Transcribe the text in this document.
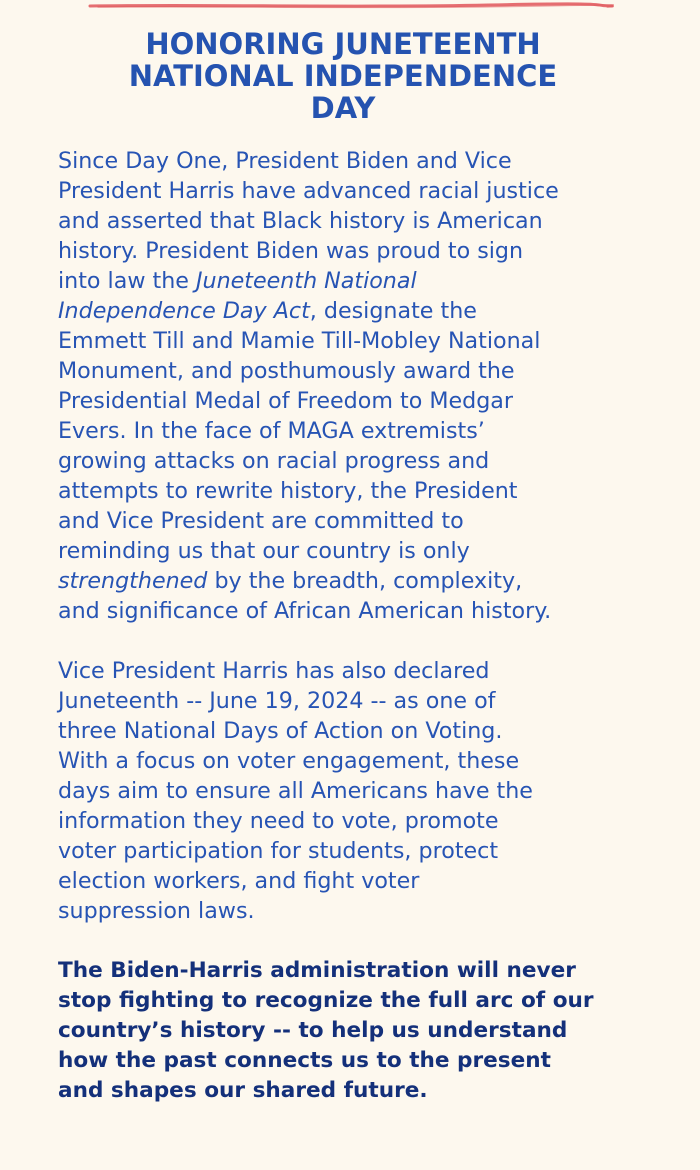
HONORING JUNETEENTH
NATIONAL INDEPENDENCE
DAY

Since Day One, President Biden and Vice
President Harris have advanced racial justice
and asserted that Black history is American
history. President Biden was proud to sign
into law the Juneteenth National
Independence Day Act, designate the
Emmett Till and Mamie Till-Mobley National
Monument, and posthumously award the
Presidential Medal of Freedom to Medgar
Evers. In the face of MAGA extremists’
growing attacks on racial progress and
attempts to rewrite history, the President
and Vice President are committed to
reminding us that our country is only
strengthened by the breadth, complexity,
and significance of African American history.

Vice President Harris has also declared
Juneteenth -- June 19, 2024 -- as one of
three National Days of Action on Voting.
With a focus on voter engagement, these
days aim to ensure all Americans have the
information they need to vote, promote
voter participation for students, protect
election workers, and fight voter
suppression laws.

The Biden-Harris administration will never
stop fighting to recognize the full arc of our
country’s history -- to help us understand
how the past connects us to the present
and shapes our shared future.
